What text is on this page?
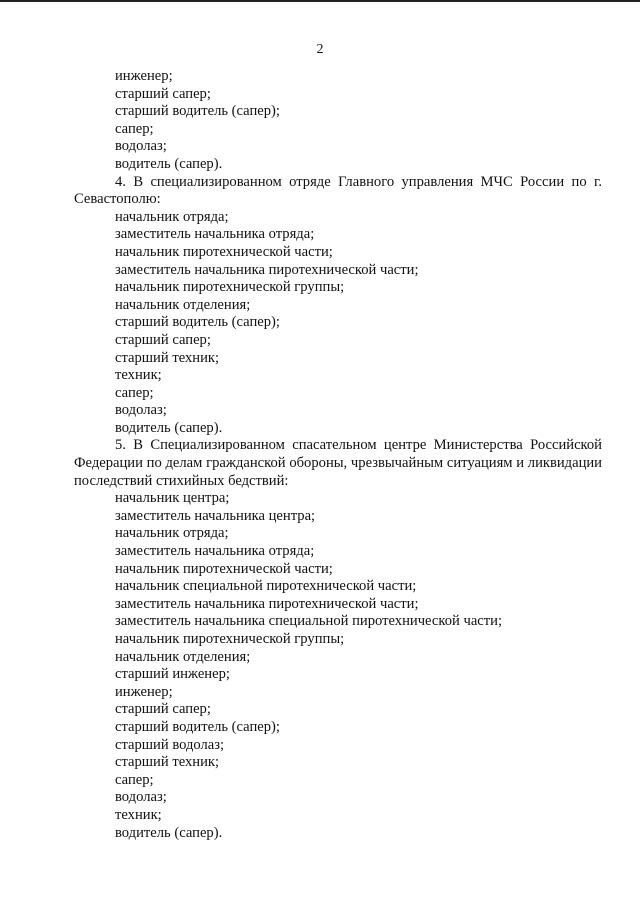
2
инженер;
старший сапер;
старший водитель (сапер);
сапер;
водолаз;
водитель (сапер).
4. В специализированном отряде Главного управления МЧС России по г. Севастополю:
начальник отряда;
заместитель начальника отряда;
начальник пиротехнической части;
заместитель начальника пиротехнической части;
начальник пиротехнической группы;
начальник отделения;
старший водитель (сапер);
старший сапер;
старший техник;
техник;
сапер;
водолаз;
водитель (сапер).
5. В Специализированном спасательном центре Министерства Российской Федерации по делам гражданской обороны, чрезвычайным ситуациям и ликвидации последствий стихийных бедствий:
начальник центра;
заместитель начальника центра;
начальник отряда;
заместитель начальника отряда;
начальник пиротехнической части;
начальник специальной пиротехнической части;
заместитель начальника пиротехнической части;
заместитель начальника специальной пиротехнической части;
начальник пиротехнической группы;
начальник отделения;
старший инженер;
инженер;
старший сапер;
старший водитель (сапер);
старший водолаз;
старший техник;
сапер;
водолаз;
техник;
водитель (сапер).
